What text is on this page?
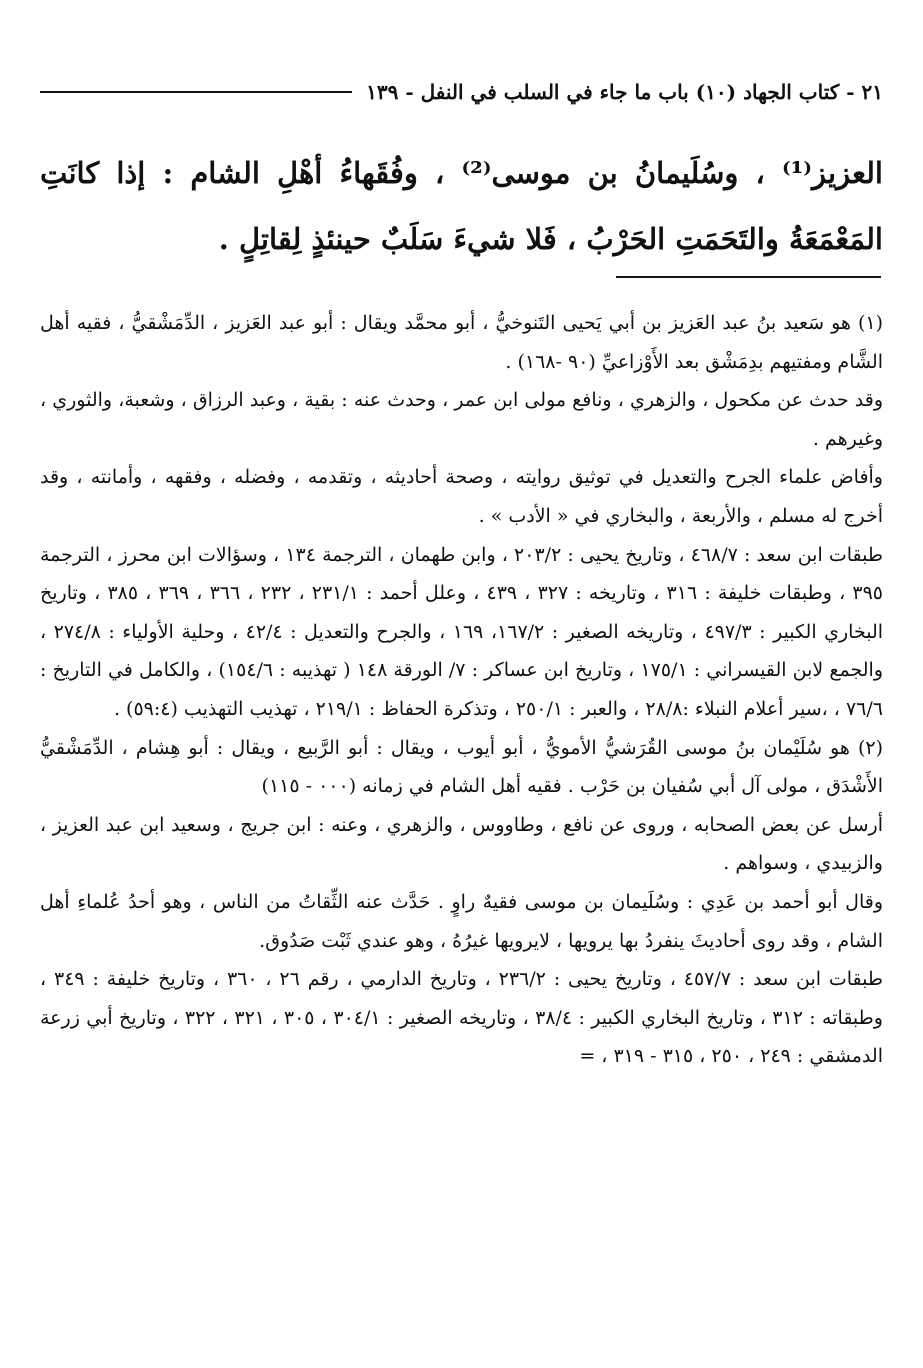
٢١ - كتاب الجهاد (١٠) باب ما جاء في السلب في النفل - ١٣٩

العزيز⁽¹⁾ ، وسُلَيمانُ بن موسى⁽²⁾ ، وفُقَهاءُ أهْلِ الشام : إذا كانَتِ المَعْمَعَةُ والتَحَمَتِ الحَرْبُ ، فَلا شيءَ سَلَبٌ حينئذٍ لِقاتِلٍ .

(١) هو سَعيد بنُ عبد العَزيز بن أبي يَحيى التَنوخيُّ ، أبو محمَّد ويقال : أبو عبد العَزيز ، الدِّمَشْقيُّ ، فقيه أهل الشَّام ومفتيهم بدِمَشْق بعد الأَوْزاعيِّ (٩٠ -١٦٨) .

وقد حدث عن مكحول ، والزهري ، ونافع مولى ابن عمر ، وحدث عنه : بقية ، وعبد الرزاق ، وشعبة، والثوري ، وغيرهم .

وأفاض علماء الجرح والتعديل في توثيق روايته ، وصحة أحاديثه ، وتقدمه ، وفضله ، وفقهه ، وأمانته ، وقد أخرج له مسلم ، والأربعة ، والبخاري في « الأدب » .

طبقات ابن سعد : ٤٦٨/٧ ، وتاريخ يحيى : ٢٠٣/٢ ، وابن طهمان ، الترجمة ١٣٤ ، وسؤالات ابن محرز ، الترجمة ٣٩٥ ، وطبقات خليفة : ٣١٦ ، وتاريخه : ٣٢٧ ، ٤٣٩ ، وعلل أحمد : ٢٣١/١ ، ٢٣٢ ، ٣٦٦ ، ٣٦٩ ، ٣٨٥ ، وتاريخ البخاري الكبير : ٤٩٧/٣ ، وتاريخه الصغير : ١٦٧/٢، ١٦٩ ، والجرح والتعديل : ٤٢/٤ ، وحلية الأولياء : ٢٧٤/٨ ، والجمع لابن القيسراني : ١٧٥/١ ، وتاريخ ابن عساكر : ٧/ الورقة ١٤٨ ( تهذيبه : ١٥٤/٦) ، والكامل في التاريخ : ٧٦/٦ ، ،سير أعلام النبلاء :٢٨/٨ ، والعبر : ٢٥٠/١ ، وتذكرة الحفاظ : ٢١٩/١ ، تهذيب التهذيب (٥٩:٤) .

(٢) هو سُلَيْمان بنُ موسى القُرَشيُّ الأمويُّ ، أبو أيوب ، ويقال : أبو الرَّبيع ، ويقال : أبو هِشام ، الدِّمَشْقيُّ الأَشْدَق ، مولى آل أبي سُفيان بن حَرْب . فقيه أهل الشام في زمانه (٠٠٠ - ١١٥)

أرسل عن بعض الصحابه ، وروى عن نافع ، وطاووس ، والزهري ، وعنه : ابن جريج ، وسعيد ابن عبد العزيز ، والزبيدي ، وسواهم .

وقال أبو أحمد بن عَدِي : وسُلَيمان بن موسى فقيهٌ راوٍ . حَدَّث عنه الثِّقاتُ من الناس ، وهو أحدُ عُلماءِ أهل الشام ، وقد روى أحاديثَ ينفردُ بها يرويها ، لايرويها غيرُهُ ، وهو عندي ثَبْت صَدُوق.

طبقات ابن سعد : ٤٥٧/٧ ، وتاريخ يحيى : ٢٣٦/٢ ، وتاريخ الدارمي ، رقم ٢٦ ، ٣٦٠ ، وتاريخ خليفة : ٣٤٩ ، وطبقاته : ٣١٢ ، وتاريخ البخاري الكبير : ٣٨/٤ ، وتاريخه الصغير : ٣٠٤/١ ، ٣٠٥ ، ٣٢١ ، ٣٢٢ ، وتاريخ أبي زرعة الدمشقي : ٢٤٩ ، ٢٥٠ ، ٣١٥ - ٣١٩ ، =
